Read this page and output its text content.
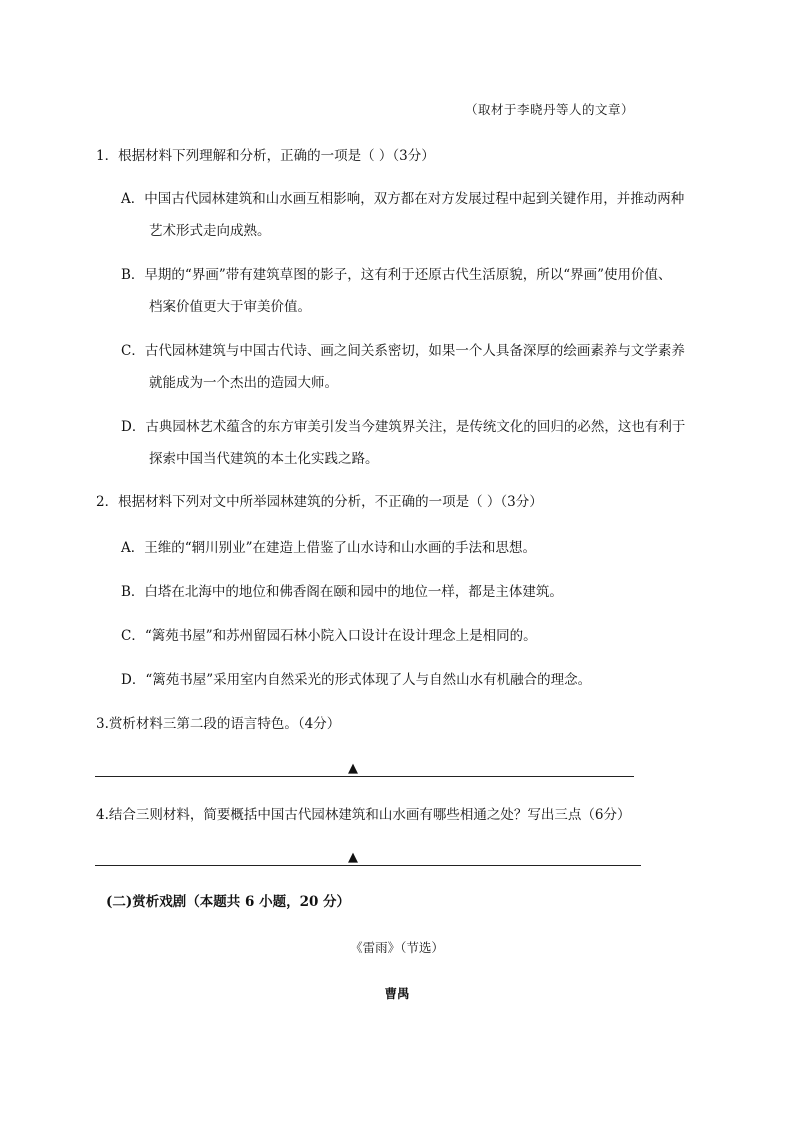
（取材于李晓丹等人的文章）
1．根据材料下列理解和分析，正确的一项是（ ）（3分）
A．中国古代园林建筑和山水画互相影响，双方都在对方发展过程中起到关键作用，并推动两种
艺术形式走向成熟。
B．早期的“界画”带有建筑草图的影子，这有利于还原古代生活原貌，所以“界画”使用价值、
档案价值更大于审美价值。
C．古代园林建筑与中国古代诗、画之间关系密切，如果一个人具备深厚的绘画素养与文学素养
就能成为一个杰出的造园大师。
D．古典园林艺术蕴含的东方审美引发当今建筑界关注，是传统文化的回归的必然，这也有利于
探索中国当代建筑的本土化实践之路。
2．根据材料下列对文中所举园林建筑的分析，不正确的一项是（ ）（3分）
A．王维的“辋川别业”在建造上借鉴了山水诗和山水画的手法和思想。
B．白塔在北海中的地位和佛香阁在颐和园中的地位一样，都是主体建筑。
C．“篱苑书屋”和苏州留园石林小院入口设计在设计理念上是相同的。
D．“篱苑书屋”采用室内自然采光的形式体现了人与自然山水有机融合的理念。
3.赏析材料三第二段的语言特色。（4分）
▲
4.结合三则材料，简要概括中国古代园林建筑和山水画有哪些相通之处？写出三点（6分）
▲
(二)赏析戏剧（本题共 6 小题，20 分）
《雷雨》（节选）
曹禺
